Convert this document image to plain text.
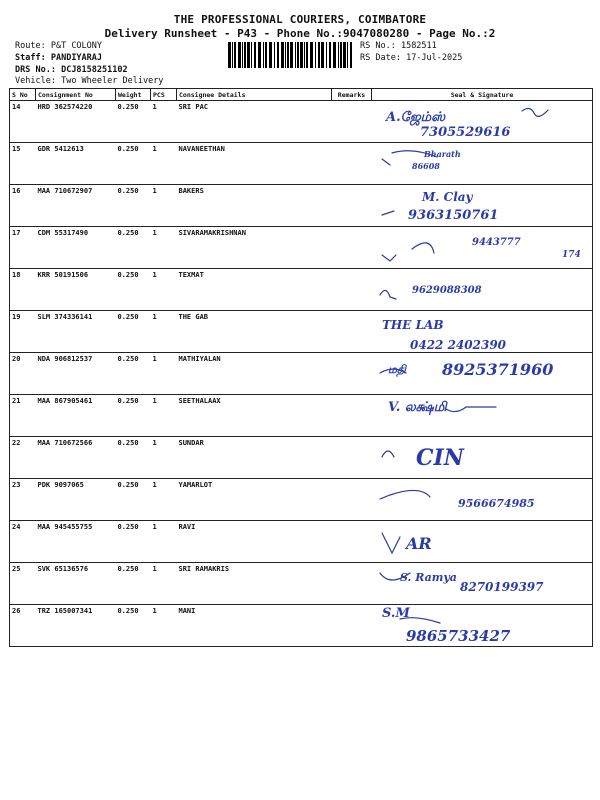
THE PROFESSIONAL COURIERS, COIMBATORE
Delivery Runsheet - P43 - Phone No.:9047080280 - Page No.:2
Route: P&T COLONY
Staff: PANDIYARAJ
DRS No.: DCJ8158251102
Vehicle: Two Wheeler Delivery
RS No.: 1582511
RS Date: 17-Jul-2025
S No	Consignment No	Weight	PCS	Consignee Details	Remarks	Seal & Signature
14	HRD 362574220	0.250	1	SRI PAC		A.ஜேம்ஸ்
7305529616

15	GDR 5412613	0.250	1	NAVANEETHAN		Bharath
86608

16	MAA 710672907	0.250	1	BAKERS		M. Clay
9363150761

17	CDM 55317490	0.250	1	SIVARAMAKRISHNAN		9443777
174

18	KRR 50191506	0.250	1	TEXMAT		9629088308

19	SLM 374336141	0.250	1	THE GAB		THE LAB
0422 2402390

20	NDA 906812537	0.250	1	MATHIYALAN		மதி 8925371960

21	MAA 867905461	0.250	1	SEETHALAAX		V. லக்ஷ்மி

22	MAA 710672566	0.250	1	SUNDAR		CIN

23	PDK 9097065	0.250	1	YAMARLOT		9566674985

24	MAA 945455755	0.250	1	RAVI		AR

25	SVK 65136576	0.250	1	SRI RAMAKRIS		S. Ramya
8270199397

26	TRZ 165007341	0.250	1	MANI		S.M
9865733427
